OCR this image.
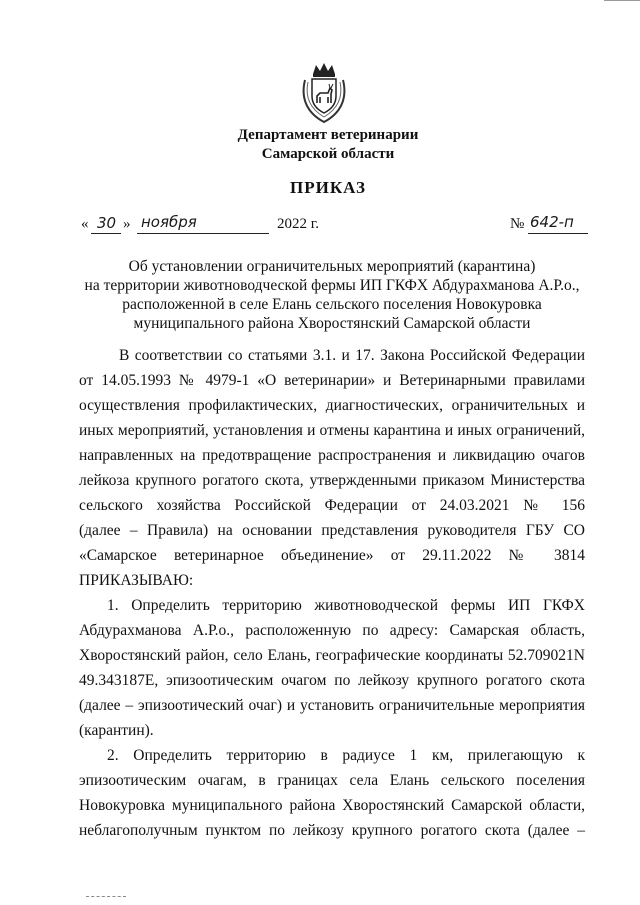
Департамент ветеринарии
Самарской области
ПРИКАЗ
« 30 » ноября	2022 г.	№ 642-п
Об установлении ограничительных мероприятий (карантина)
на территории животноводческой фермы ИП ГКФХ Абдурахманова А.Р.о.,
расположенной в селе Елань сельского поселения Новокуровка
муниципального района Хворостянский Самарской области
В соответствии со статьями 3.1. и 17. Закона Российской Федерации
от 14.05.1993 № 4979-1 «О ветеринарии» и Ветеринарными правилами
осуществления профилактических, диагностических, ограничительных и
иных мероприятий, установления и отмены карантина и иных ограничений,
направленных на предотвращение распространения и ликвидацию очагов
лейкоза крупного рогатого скота, утвержденными приказом Министерства
сельского хозяйства Российской Федерации от 24.03.2021 № 156
(далее – Правила) на основании представления руководителя ГБУ СО
«Самарское ветеринарное объединение» от 29.11.2022 № 3814
ПРИКАЗЫВАЮ:
1. Определить территорию животноводческой фермы ИП ГКФХ
Абдурахманова А.Р.о., расположенную по адресу: Самарская область,
Хворостянский район, село Елань, географические координаты 52.709021N
49.343187E, эпизоотическим очагом по лейкозу крупного рогатого скота
(далее – эпизоотический очаг) и установить ограничительные мероприятия
(карантин).
2. Определить территорию в радиусе 1 км, прилегающую к
эпизоотическим очагам, в границах села Елань сельского поселения
Новокуровка муниципального района Хворостянский Самарской области,
неблагополучным пунктом по лейкозу крупного рогатого скота (далее –
